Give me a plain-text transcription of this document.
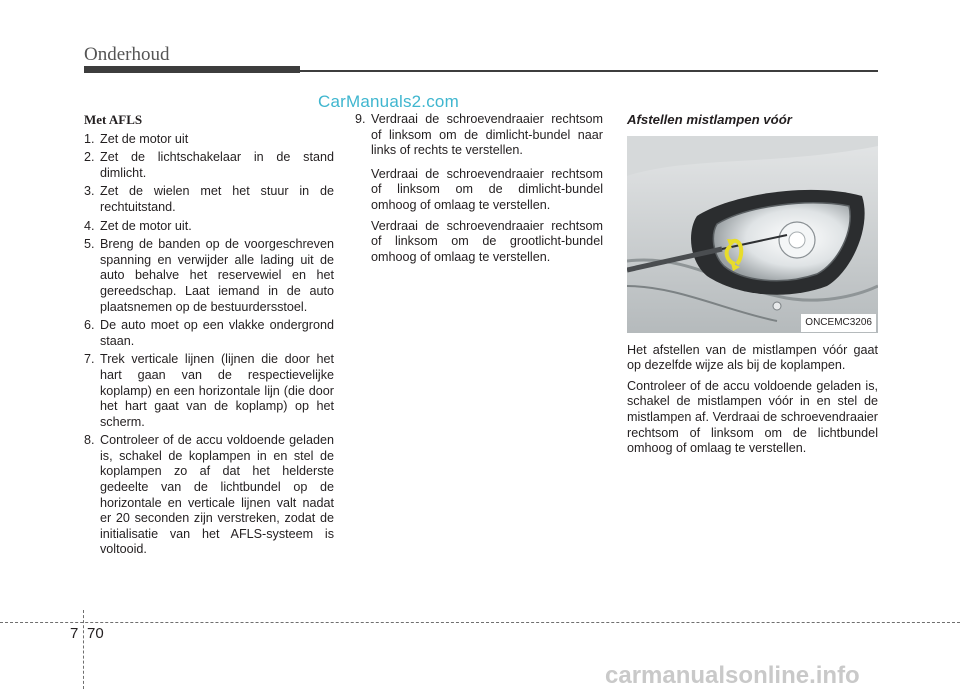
Onderhoud
CarManuals2.com
Met AFLS
1. Zet de motor uit
2. Zet de lichtschakelaar in de stand dimlicht.
3. Zet de wielen met het stuur in de rechtuitstand.
4. Zet de motor uit.
5. Breng de banden op de voorgeschreven spanning en verwijder alle lading uit de auto behalve het reservewiel en het gereedschap. Laat iemand in de auto plaatsnemen op de bestuurdersstoel.
6. De auto moet op een vlakke ondergrond staan.
7. Trek verticale lijnen (lijnen die door het hart gaan van de respectievelijke koplamp) en een horizontale lijn (die door het hart gaat van de koplamp) op het scherm.
8. Controleer of de accu voldoende geladen is, schakel de koplampen in en stel de koplampen zo af dat het helderste gedeelte van de lichtbundel op de horizontale en verticale lijnen valt nadat er 20 seconden zijn verstreken, zodat de initialisatie van het AFLS-systeem is voltooid.
9. Verdraai de schroevendraaier rechtsom of linksom om de dimlicht-bundel naar links of rechts te verstellen.
Verdraai de schroevendraaier rechtsom of linksom om de dimlicht-bundel omhoog of omlaag te verstellen.
Verdraai de schroevendraaier rechtsom of linksom om de grootlicht-bundel omhoog of omlaag te verstellen.
Afstellen mistlampen vóór
ONCEMC3206
Het afstellen van de mistlampen vóór gaat op dezelfde wijze als bij de koplampen.
Controleer of de accu voldoende geladen is, schakel de mistlampen vóór in en stel de mistlampen af. Verdraai de schroevendraaier rechtsom of linksom om de lichtbundel omhoog of omlaag te verstellen.
7 70
carmanualsonline.info
